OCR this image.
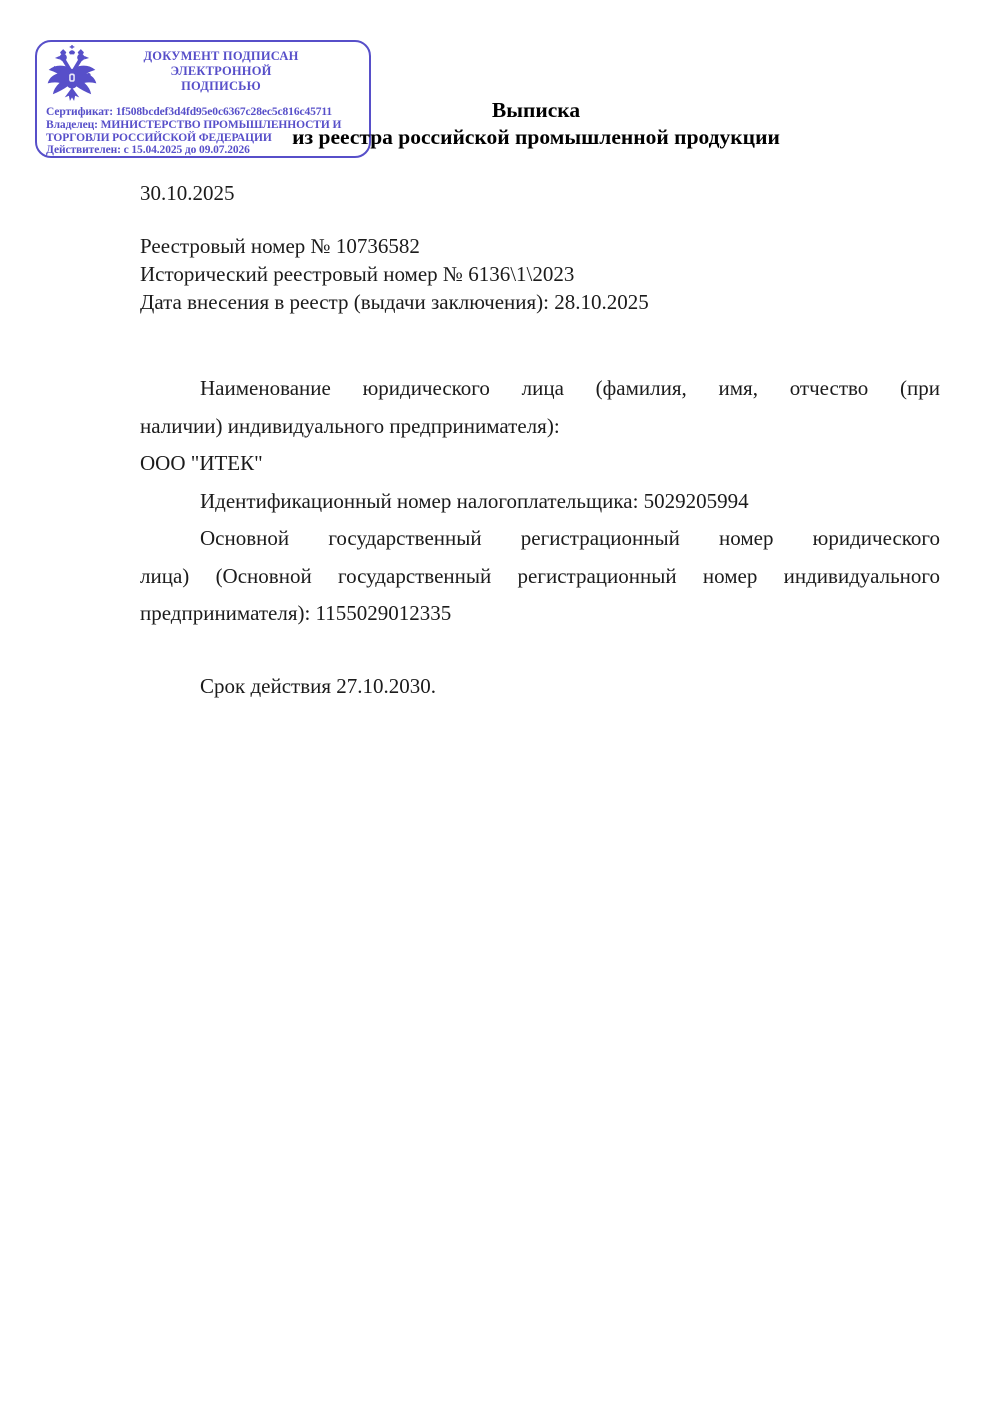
ДОКУМЕНТ ПОДПИСАН
ЭЛЕКТРОННОЙ ПОДПИСЬЮ
Сертификат: 1f508bcdef3d4fd95e0c6367c28ec5c816c45711
Владелец: МИНИСТЕРСТВО ПРОМЫШЛЕННОСТИ И
ТОРГОВЛИ РОССИЙСКОЙ ФЕДЕРАЦИИ
Действителен: с 15.04.2025 до 09.07.2026
Выписка
из реестра российской промышленной продукции
30.10.2025
Реестровый номер № 10736582
Исторический реестровый номер № 6136\1\2023
Дата внесения в реестр (выдачи заключения): 28.10.2025
Наименование юридического лица (фамилия, имя, отчество (при
наличии) индивидуального предпринимателя):
ООО "ИТЕК"
Идентификационный номер налогоплательщика: 5029205994
Основной государственный регистрационный номер юридического
лица) (Основной государственный регистрационный номер индивидуального
предпринимателя): 1155029012335
Срок действия 27.10.2030.
